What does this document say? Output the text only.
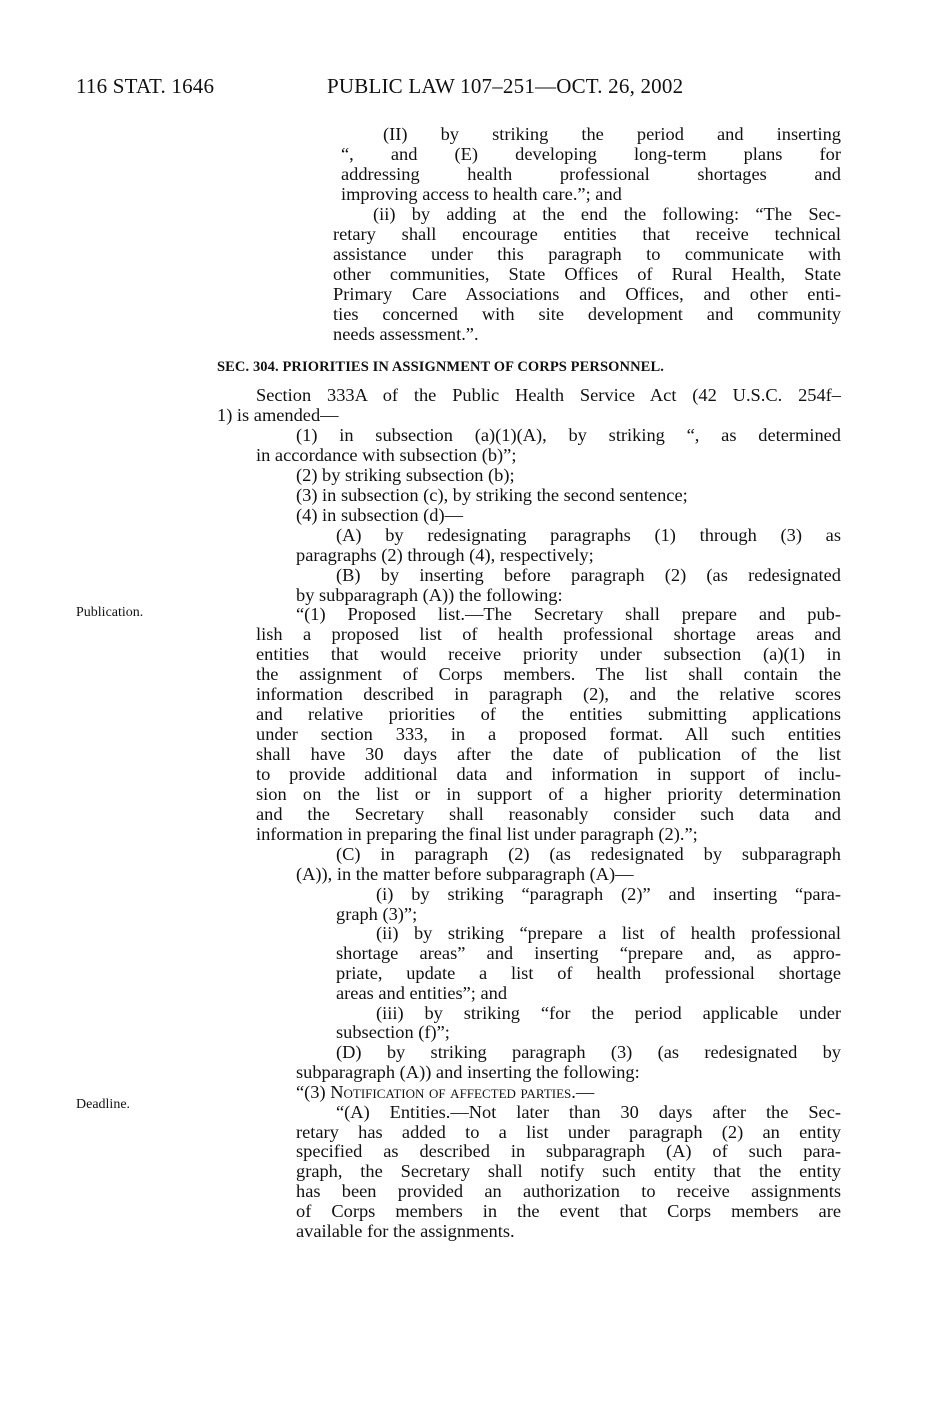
116 STAT. 1646	PUBLIC LAW 107–251—OCT. 26, 2002
Publication.
Deadline.
SEC. 304. PRIORITIES IN ASSIGNMENT OF CORPS PERSONNEL.
(II) by striking the period and inserting
“, and (E) developing long-term plans for
addressing health professional shortages and
improving access to health care.”; and
(ii) by adding at the end the following: “The Sec-
retary shall encourage entities that receive technical
assistance under this paragraph to communicate with
other communities, State Offices of Rural Health, State
Primary Care Associations and Offices, and other enti-
ties concerned with site development and community
needs assessment.”.
Section 333A of the Public Health Service Act (42 U.S.C. 254f–
1) is amended—
(1) in subsection (a)(1)(A), by striking “, as determined
in accordance with subsection (b)”;
(2) by striking subsection (b);
(3) in subsection (c), by striking the second sentence;
(4) in subsection (d)—
(A) by redesignating paragraphs (1) through (3) as
paragraphs (2) through (4), respectively;
(B) by inserting before paragraph (2) (as redesignated
by subparagraph (A)) the following:
“(1) Proposed list.—The Secretary shall prepare and pub-
lish a proposed list of health professional shortage areas and
entities that would receive priority under subsection (a)(1) in
the assignment of Corps members. The list shall contain the
information described in paragraph (2), and the relative scores
and relative priorities of the entities submitting applications
under section 333, in a proposed format. All such entities
shall have 30 days after the date of publication of the list
to provide additional data and information in support of inclu-
sion on the list or in support of a higher priority determination
and the Secretary shall reasonably consider such data and
information in preparing the final list under paragraph (2).”;
(C) in paragraph (2) (as redesignated by subparagraph
(A)), in the matter before subparagraph (A)—
(i) by striking “paragraph (2)” and inserting “para-
graph (3)”;
(ii) by striking “prepare a list of health professional
shortage areas” and inserting “prepare and, as appro-
priate, update a list of health professional shortage
areas and entities”; and
(iii) by striking “for the period applicable under
subsection (f)”;
(D) by striking paragraph (3) (as redesignated by
subparagraph (A)) and inserting the following:
“(3) Notification of affected parties.—
“(A) Entities.—Not later than 30 days after the Sec-
retary has added to a list under paragraph (2) an entity
specified as described in subparagraph (A) of such para-
graph, the Secretary shall notify such entity that the entity
has been provided an authorization to receive assignments
of Corps members in the event that Corps members are
available for the assignments.
